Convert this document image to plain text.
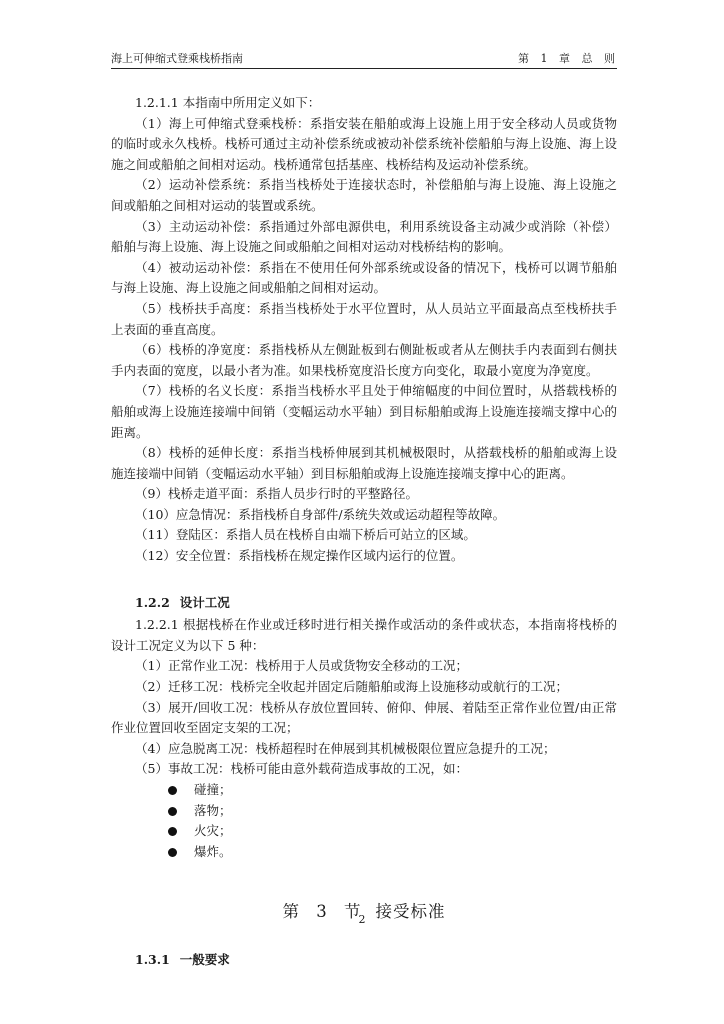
海上可伸缩式登乘栈桥指南	第 1 章 总 则

1.2.1.1 本指南中所用定义如下：

（1）海上可伸缩式登乘栈桥：系指安装在船舶或海上设施上用于安全移动人员或货物的临时或永久栈桥。栈桥可通过主动补偿系统或被动补偿系统补偿船舶与海上设施、海上设施之间或船舶之间相对运动。栈桥通常包括基座、栈桥结构及运动补偿系统。

（2）运动补偿系统：系指当栈桥处于连接状态时，补偿船舶与海上设施、海上设施之间或船舶之间相对运动的装置或系统。

（3）主动运动补偿：系指通过外部电源供电，利用系统设备主动减少或消除（补偿）船舶与海上设施、海上设施之间或船舶之间相对运动对栈桥结构的影响。

（4）被动运动补偿：系指在不使用任何外部系统或设备的情况下，栈桥可以调节船舶与海上设施、海上设施之间或船舶之间相对运动。

（5）栈桥扶手高度：系指当栈桥处于水平位置时，从人员站立平面最高点至栈桥扶手上表面的垂直高度。

（6）栈桥的净宽度：系指栈桥从左侧趾板到右侧趾板或者从左侧扶手内表面到右侧扶手内表面的宽度，以最小者为准。如果栈桥宽度沿长度方向变化，取最小宽度为净宽度。

（7）栈桥的名义长度：系指当栈桥水平且处于伸缩幅度的中间位置时，从搭载栈桥的船舶或海上设施连接端中间销（变幅运动水平轴）到目标船舶或海上设施连接端支撑中心的距离。

（8）栈桥的延伸长度：系指当栈桥伸展到其机械极限时，从搭载栈桥的船舶或海上设施连接端中间销（变幅运动水平轴）到目标船舶或海上设施连接端支撑中心的距离。

（9）栈桥走道平面：系指人员步行时的平整路径。

（10）应急情况：系指栈桥自身部件/系统失效或运动超程等故障。

（11）登陆区：系指人员在栈桥自由端下桥后可站立的区域。

（12）安全位置：系指栈桥在规定操作区域内运行的位置。

1.2.2 设计工况

1.2.2.1 根据栈桥在作业或迁移时进行相关操作或活动的条件或状态，本指南将栈桥的设计工况定义为以下 5 种：

（1）正常作业工况：栈桥用于人员或货物安全移动的工况；

（2）迁移工况：栈桥完全收起并固定后随船舶或海上设施移动或航行的工况；

（3）展开/回收工况：栈桥从存放位置回转、俯仰、伸展、着陆至正常作业位置/由正常作业位置回收至固定支架的工况；

（4）应急脱离工况：栈桥超程时在伸展到其机械极限位置应急提升的工况；

（5）事故工况：栈桥可能由意外载荷造成事故的工况，如：

碰撞；
落物；
火灾；
爆炸。

第 3 节 接受标准

1.3.1 一般要求

2
